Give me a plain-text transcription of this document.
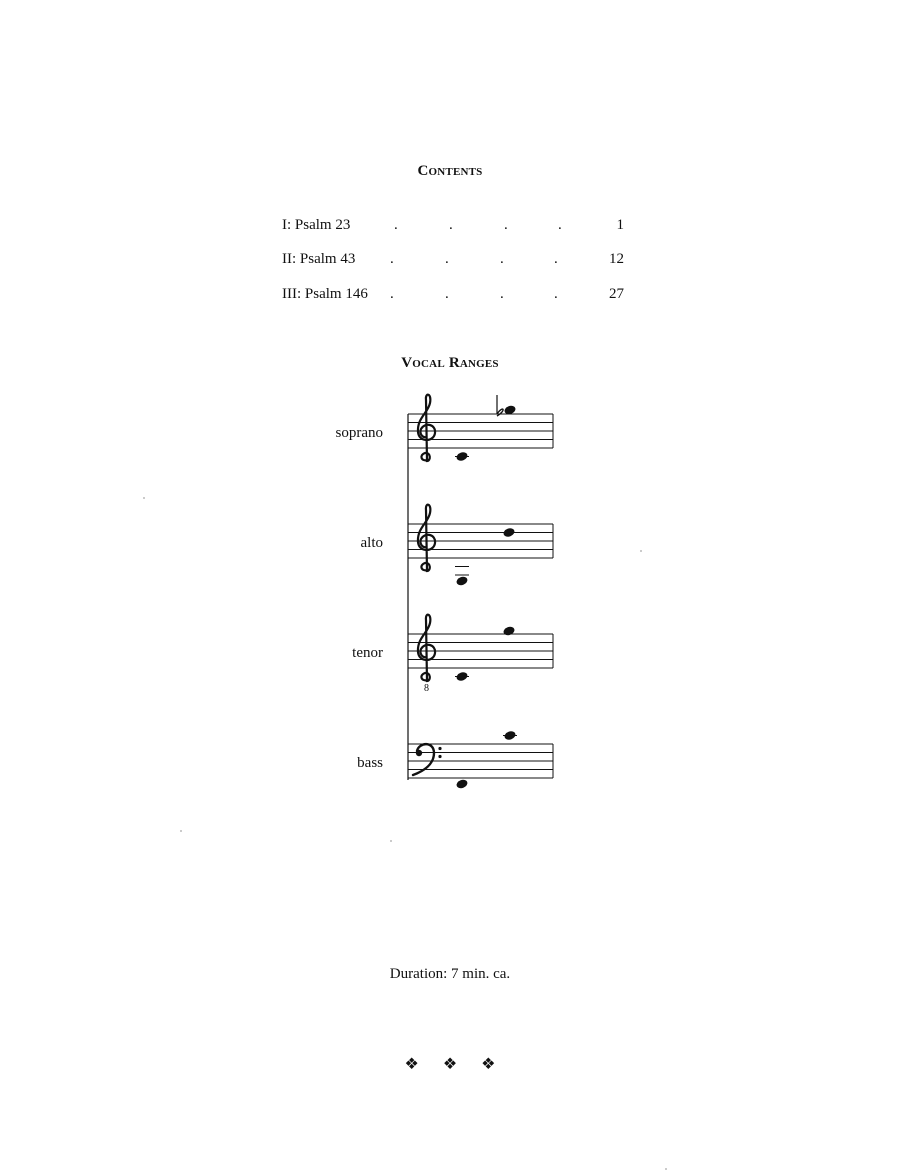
Contents
I: Psalm 23	.	.	.	.	1
II: Psalm 43 .	.	.	.	12
III: Psalm 146 .	.	.	.	27
Vocal Ranges
soprano
alto
tenor
bass
8
Duration: 7 min. ca.
❖ ❖ ❖
